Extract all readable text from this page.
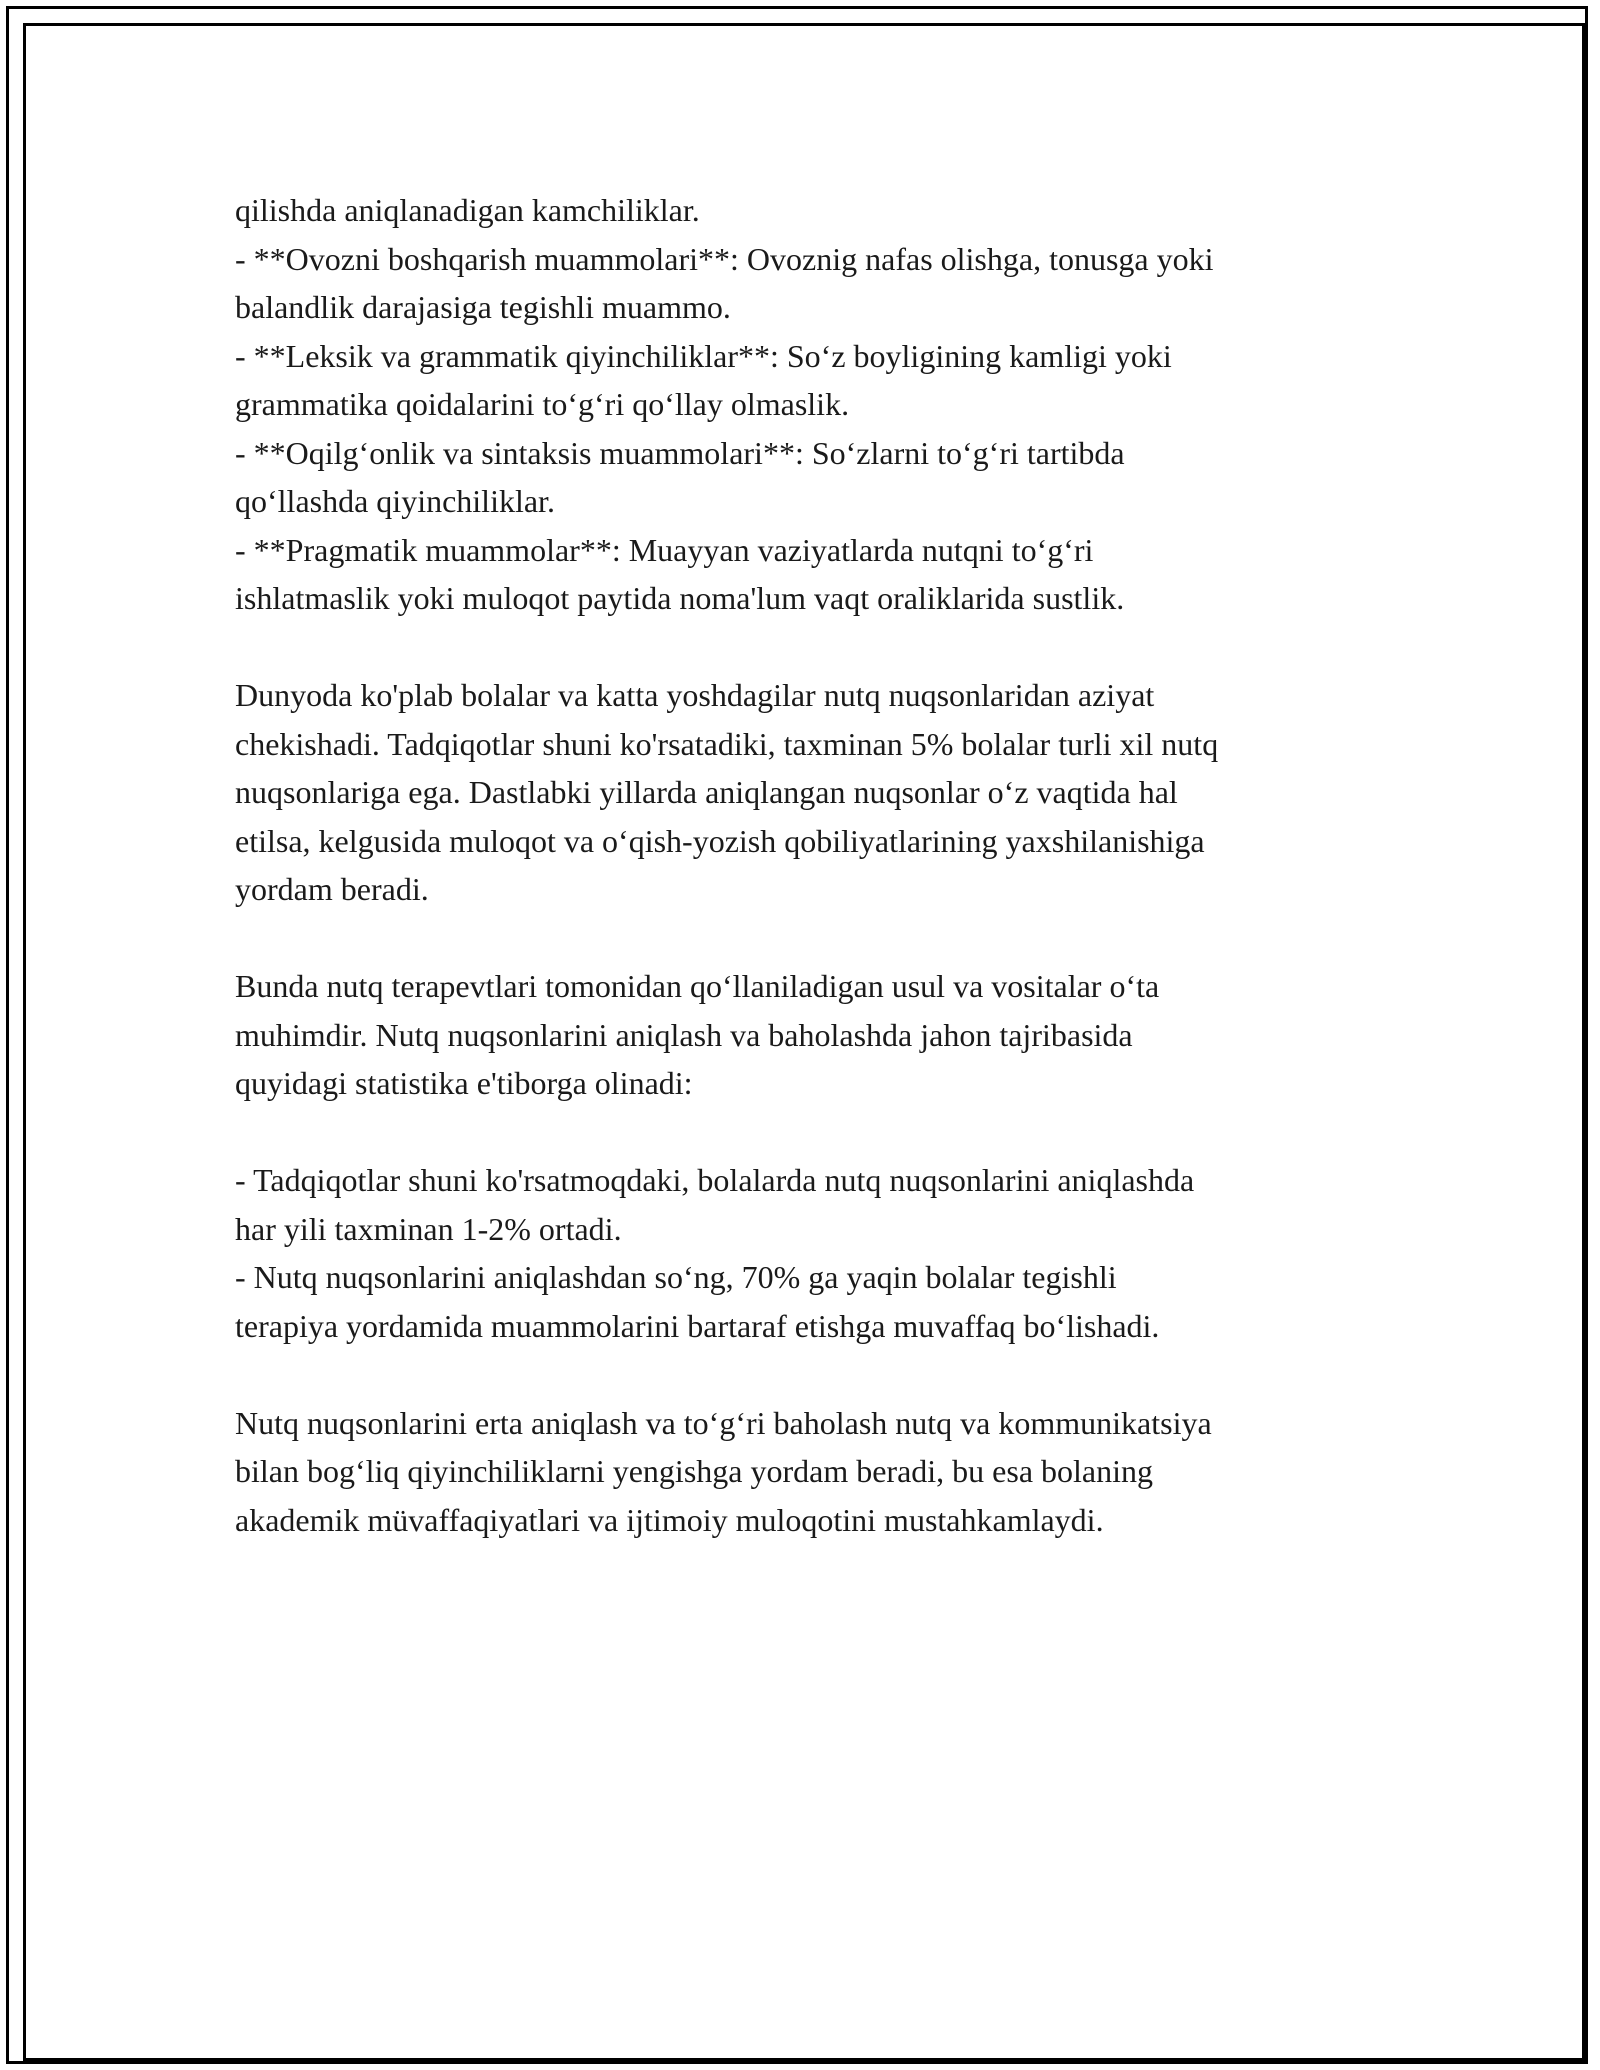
qilishda aniqlanadigan kamchiliklar.
- **Ovozni boshqarish muammolari**: Ovoznig nafas olishga, tonusga yoki
balandlik darajasiga tegishli muammo.
- **Leksik va grammatik qiyinchiliklar**: So‘z boyligining kamligi yoki
grammatika qoidalarini to‘g‘ri qo‘llay olmaslik.
- **Oqilg‘onlik va sintaksis muammolari**: So‘zlarni to‘g‘ri tartibda
qo‘llashda qiyinchiliklar.
- **Pragmatik muammolar**: Muayyan vaziyatlarda nutqni to‘g‘ri
ishlatmaslik yoki muloqot paytida noma'lum vaqt oraliklarida sustlik.
Dunyoda ko'plab bolalar va katta yoshdagilar nutq nuqsonlaridan aziyat
chekishadi. Tadqiqotlar shuni ko'rsatadiki, taxminan 5% bolalar turli xil nutq
nuqsonlariga ega. Dastlabki yillarda aniqlangan nuqsonlar o‘z vaqtida hal
etilsa, kelgusida muloqot va o‘qish-yozish qobiliyatlarining yaxshilanishiga
yordam beradi.
Bunda nutq terapevtlari tomonidan qo‘llaniladigan usul va vositalar o‘ta
muhimdir. Nutq nuqsonlarini aniqlash va baholashda jahon tajribasida
quyidagi statistika e'tiborga olinadi:
- Tadqiqotlar shuni ko'rsatmoqdaki, bolalarda nutq nuqsonlarini aniqlashda
har yili taxminan 1-2% ortadi.
- Nutq nuqsonlarini aniqlashdan so‘ng, 70% ga yaqin bolalar tegishli
terapiya yordamida muammolarini bartaraf etishga muvaffaq bo‘lishadi.
Nutq nuqsonlarini erta aniqlash va to‘g‘ri baholash nutq va kommunikatsiya
bilan bog‘liq qiyinchiliklarni yengishga yordam beradi, bu esa bolaning
akademik müvaffaqiyatlari va ijtimoiy muloqotini mustahkamlaydi.
